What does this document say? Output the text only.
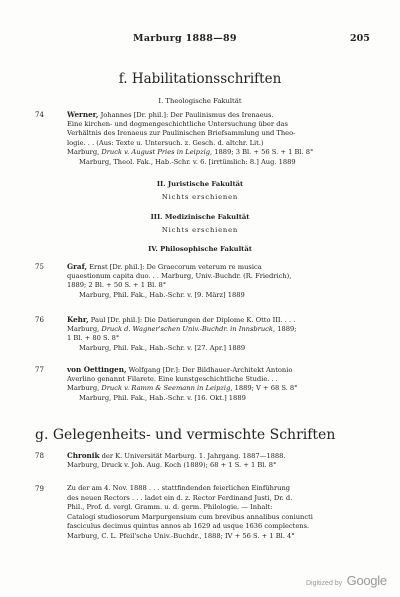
Marburg 1888—89	205
f. Habilitationsschriften
I. Theologische Fakultät
74	Werner, Johannes [Dr. phil.]: Der Paulinismus des Irenaeus.
Eine kirchen- und dogmengeschichtliche Untersuchung über das
Verhältnis des Irenaeus zur Paulinischen Briefsammlung und Theo-
logie. . . (Aus: Texte u. Untersuch. z. Gesch. d. altchr. Lit.)
Marburg, Druck v. August Pries in Leipzig, 1889; 3 Bl. + 56 S. + 1 Bl. 8°
Marburg, Theol. Fak., Hab.-Schr. v. 6. [irrtümlich: 8.] Aug. 1889
II. Juristische Fakultät
Nichts erschienen
III. Medizinische Fakultät
Nichts erschienen
IV. Philosophische Fakultät
75	Graf, Ernst [Dr. phil.]: De Graecorum veterum re musica
quaestionum capita duo. . . Marburg, Univ.-Buchdr. (R. Friedrich),
1889; 2 Bl. + 50 S. + 1 Bl. 8°
Marburg, Phil. Fak., Hab.-Schr. v. [9. März] 1889
76	Kehr, Paul [Dr. phil.]: Die Datierungen der Diplome K. Otto III. . . .
Marburg, Druck d. Wagner'schen Univ.-Buchdr. in Innsbruck, 1889;
1 Bl. + 80 S. 8°
Marburg, Phil. Fak., Hab.-Schr. v. [27. Apr.] 1889
77	von Oettingen, Wolfgang [Dr.]: Der Bildhauer-Architekt Antonio
Averlino genannt Filarete. Eine kunstgeschichtliche Studie. . .
Marburg, Druck v. Ramm & Seemann in Leipzig, 1889; V + 68 S. 8°
Marburg, Phil. Fak., Hab.-Schr. v. [16. Okt.] 1889
g. Gelegenheits- und vermischte Schriften
78	Chronik der K. Universität Marburg. 1. Jahrgang. 1887—1888.
Marburg, Druck v. Joh. Aug. Koch (1889); 68 + 1 S. + 1 Bl. 8°
79	Zu der am 4. Nov. 1888 . . . stattfindenden feierlichen Einführung
des neuen Rectors . . . ladet ein d. z. Rector Ferdinand Justi, Dr. d.
Phil., Prof. d. vergl. Gramm. u. d. germ. Philologie. — Inhalt:
Catalogi studiosorum Marpurgensium cum brevibus annalibus coniuncti
fasciculus decimus quintus annos ab 1629 ad usque 1636 complectens.
Marburg, C. L. Pfeil'sche Univ.-Buchdr., 1888; IV + 56 S. + 1 Bl. 4°
Digitized by Google
